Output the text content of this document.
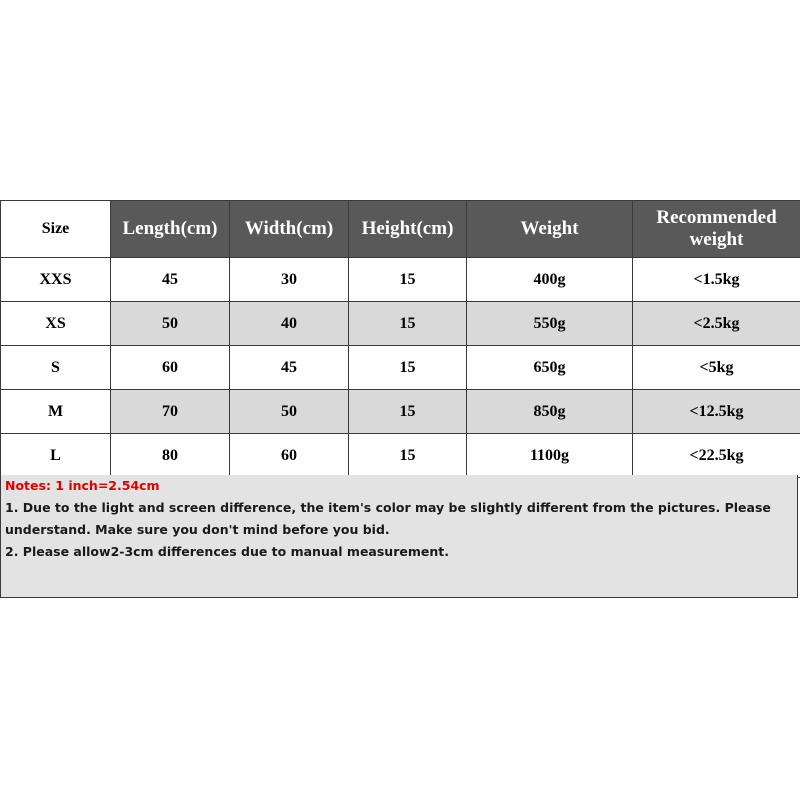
Size	Length(cm)	Width(cm)	Height(cm)	Weight	Recommended weight
XXS	45	30	15	400g	<1.5kg
XS	50	40	15	550g	<2.5kg
S	60	45	15	650g	<5kg
M	70	50	15	850g	<12.5kg
L	80	60	15	1100g	<22.5kg
Notes: 1 inch=2.54cm
1. Due to the light and screen difference, the item's color may be slightly different from the pictures. Please understand. Make sure you don't mind before you bid.
2. Please allow2-3cm differences due to manual measurement.
